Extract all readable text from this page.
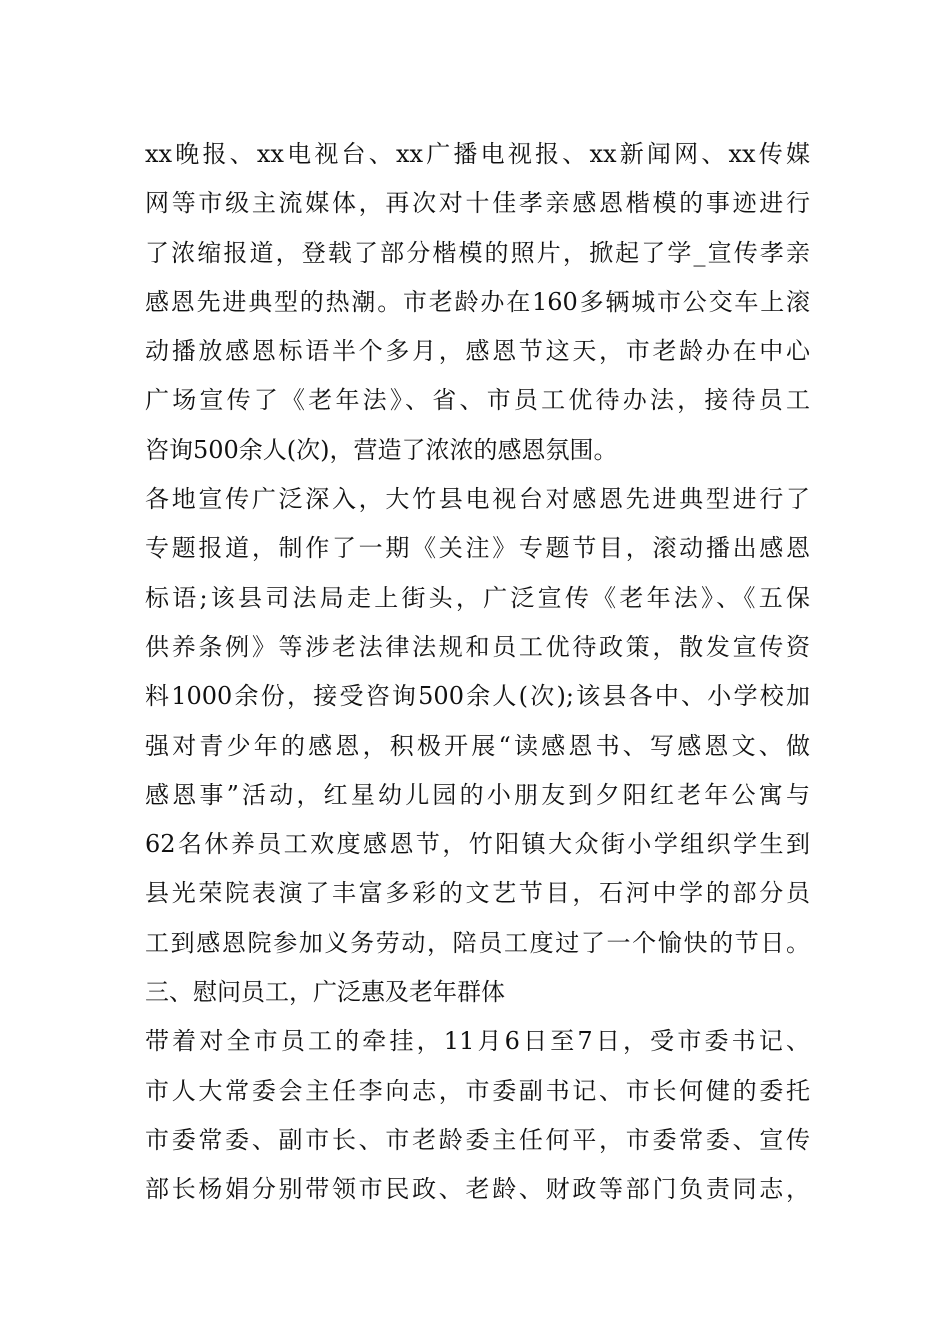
xx晚报、xx电视台、xx广播电视报、xx新闻网、xx传媒
网等市级主流媒体，再次对十佳孝亲感恩楷模的事迹进行
了浓缩报道，登载了部分楷模的照片，掀起了学_宣传孝亲
感恩先进典型的热潮。市老龄办在160多辆城市公交车上滚
动播放感恩标语半个多月，感恩节这天，市老龄办在中心
广场宣传了《老年法》、省、市员工优待办法，接待员工
咨询500余人(次)，营造了浓浓的感恩氛围。
各地宣传广泛深入，大竹县电视台对感恩先进典型进行了
专题报道，制作了一期《关注》专题节目，滚动播出感恩
标语;该县司法局走上街头，广泛宣传《老年法》、《五保
供养条例》等涉老法律法规和员工优待政策，散发宣传资
料1000余份，接受咨询500余人(次);该县各中、小学校加
强对青少年的感恩，积极开展“读感恩书、写感恩文、做
感恩事”活动，红星幼儿园的小朋友到夕阳红老年公寓与
62名休养员工欢度感恩节，竹阳镇大众街小学组织学生到
县光荣院表演了丰富多彩的文艺节目，石河中学的部分员
工到感恩院参加义务劳动，陪员工度过了一个愉快的节日。
三、慰问员工，广泛惠及老年群体
带着对全市员工的牵挂，11月6日至7日，受市委书记、
市人大常委会主任李向志，市委副书记、市长何健的委托
市委常委、副市长、市老龄委主任何平，市委常委、宣传
部长杨娟分别带领市民政、老龄、财政等部门负责同志，
